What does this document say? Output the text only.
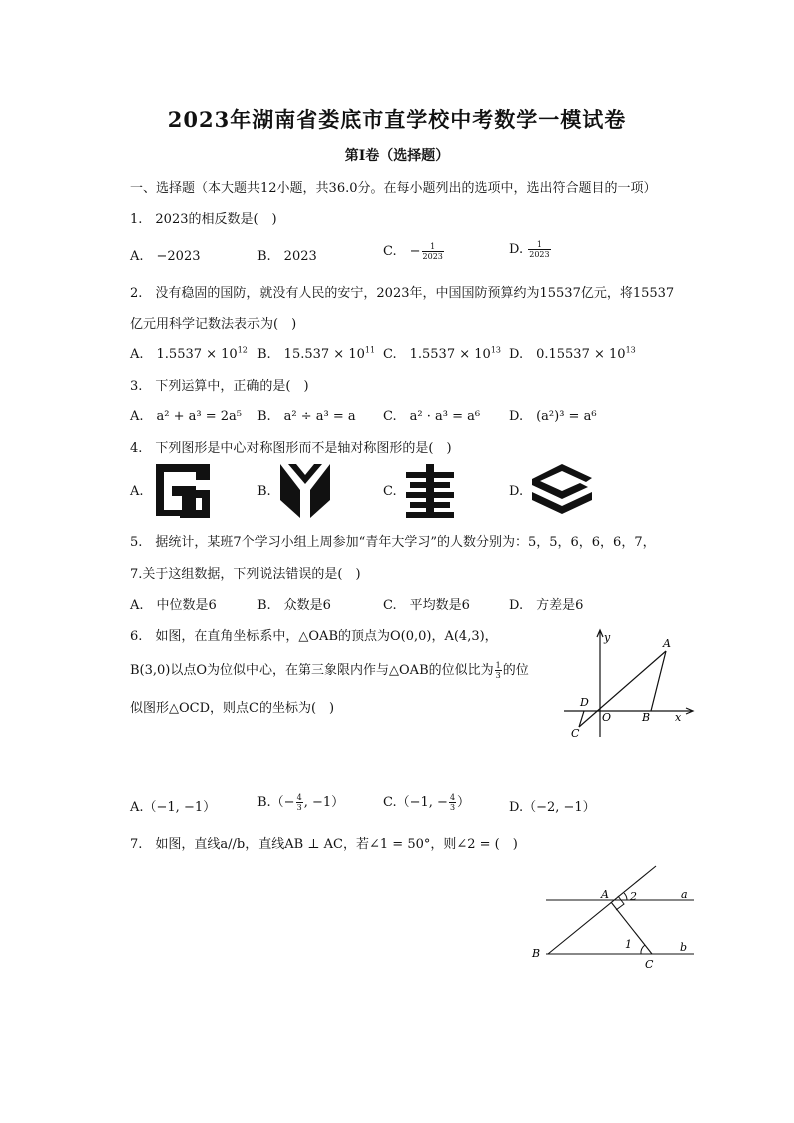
2023年湖南省娄底市直学校中考数学一模试卷
第I卷（选择题）
一、选择题（本大题共12小题，共36.0分。在每小题列出的选项中，选出符合题目的一项）
1.　2023的相反数是(　)
A.　−2023	B.　2023	C.　− $\frac{1}{2023}$	D. $\frac{1}{2023}$
2.　没有稳固的国防，就没有人民的安宁，2023年，中国国防预算约为15537亿元，将15537
亿元用科学记数法表示为(　)
A.　$1.5537 \times 10^{12}$ B.　$15.537 \times 10^{11}$ C.　$1.5537 \times 10^{13}$ D.　$0.15537 \times 10^{13}$
3.　下列运算中，正确的是(　)
A.　a² + a³ = 2a⁵ B.　a² ÷ a³ = a C.　a² · a³ = a⁶ D.　(a²)³ = a⁶
4.　下列图形是中心对称图形而不是轴对称图形的是(　)
A.	B.	C.	D.
5.　据统计，某班7个学习小组上周参加“青年大学习”的人数分别为：5，5，6，6，6，7，
7.关于这组数据，下列说法错误的是(　)
A.　中位数是6	B.　众数是6	C.　平均数是6	D.　方差是6
6.　如图，在直角坐标系中，△OAB的顶点为O(0,0)，A(4,3)，
B(3,0)以点O为位似中心，在第三象限内作与△OAB的位似比为 $\frac{1}{3}$ 的位
似图形△OCD，则点C的坐标为(　)
y	A
D
O	B x
C
A.（−1, −1）	$B.(- \frac{4}{3}$ , −1）	C.（−1, − $\frac{4}{3}$ ）	D.（−2, −1）
7.　如图，直线a//b，直线AB ⊥ AC，若∠1 = 50°，则∠2 = (　)
A 2	a
B
1
C
b
